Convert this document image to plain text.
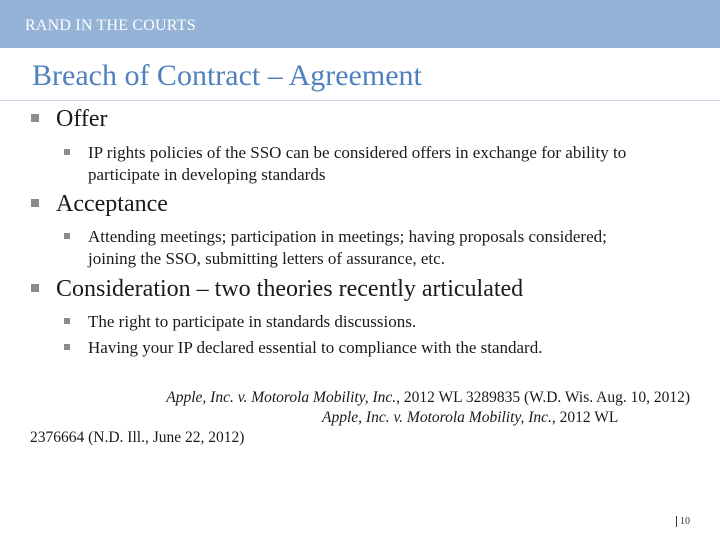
RAND IN THE COURTS
Breach of Contract – Agreement
Offer
IP rights policies of the SSO can be considered offers in exchange for ability to participate in developing standards
Acceptance
Attending meetings; participation in meetings; having proposals considered; joining the SSO, submitting letters of assurance, etc.
Consideration – two theories recently articulated
The right to participate in standards discussions.
Having your IP declared essential to compliance with the standard.
Apple, Inc. v. Motorola Mobility, Inc., 2012 WL 3289835 (W.D. Wis. Aug. 10, 2012)
Apple, Inc. v. Motorola Mobility, Inc., 2012 WL
2376664 (N.D. Ill., June 22, 2012)
10
